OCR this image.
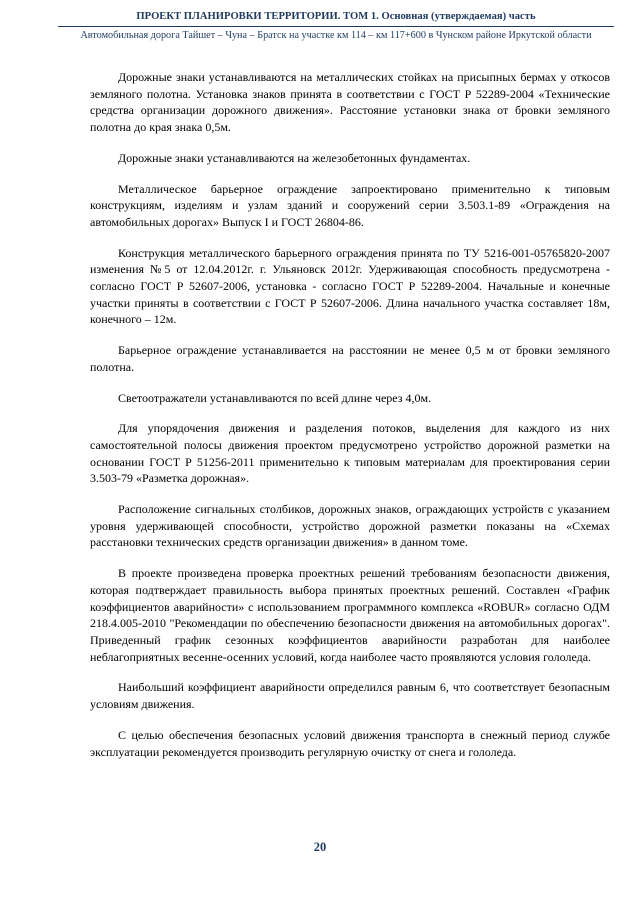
ПРОЕКТ ПЛАНИРОВКИ ТЕРРИТОРИИ. ТОМ 1. Основная (утверждаемая) часть
Автомобильная дорога Тайшет – Чуна – Братск на участке км 114 – км 117+600 в Чунском районе Иркутской области

Дорожные знаки устанавливаются на металлических стойках на присыпных бермах у откосов земляного полотна. Установка знаков принята в соответствии с ГОСТ Р 52289-2004 «Технические средства организации дорожного движения». Расстояние установки знака от бровки земляного полотна до края знака 0,5м.

Дорожные знаки устанавливаются на железобетонных фундаментах.

Металлическое барьерное ограждение запроектировано применительно к типовым конструкциям, изделиям и узлам зданий и сооружений серии 3.503.1-89 «Ограждения на автомобильных дорогах» Выпуск I и ГОСТ 26804-86.

Конструкция металлического барьерного ограждения принята по ТУ 5216-001-05765820-2007 изменения №5 от 12.04.2012г. г. Ульяновск 2012г. Удерживающая способность предусмотрена - согласно ГОСТ Р 52607-2006, установка - согласно ГОСТ Р 52289-2004. Начальные и конечные участки приняты в соответствии с ГОСТ Р 52607-2006. Длина начального участка составляет 18м, конечного – 12м.

Барьерное ограждение устанавливается на расстоянии не менее 0,5 м от бровки земляного полотна.

Светоотражатели устанавливаются по всей длине через 4,0м.

Для упорядочения движения и разделения потоков, выделения для каждого из них самостоятельной полосы движения проектом предусмотрено устройство дорожной разметки на основании ГОСТ Р 51256-2011 применительно к типовым материалам для проектирования серии 3.503-79 «Разметка дорожная».

Расположение сигнальных столбиков, дорожных знаков, ограждающих устройств с указанием уровня удерживающей способности, устройство дорожной разметки показаны на «Схемах расстановки технических средств организации движения» в данном томе.

В проекте произведена проверка проектных решений требованиям безопасности движения, которая подтверждает правильность выбора принятых проектных решений. Составлен «График коэффициентов аварийности» с использованием программного комплекса «ROBUR» согласно ОДМ 218.4.005-2010 "Рекомендации по обеспечению безопасности движения на автомобильных дорогах". Приведенный график сезонных коэффициентов аварийности разработан для наиболее неблагоприятных весенне-осенних условий, когда наиболее часто проявляются условия гололеда.

Наибольший коэффициент аварийности определился равным 6, что соответствует безопасным условиям движения.

С целью обеспечения безопасных условий движения транспорта в снежный период службе эксплуатации рекомендуется производить регулярную очистку от снега и гололеда.

20
